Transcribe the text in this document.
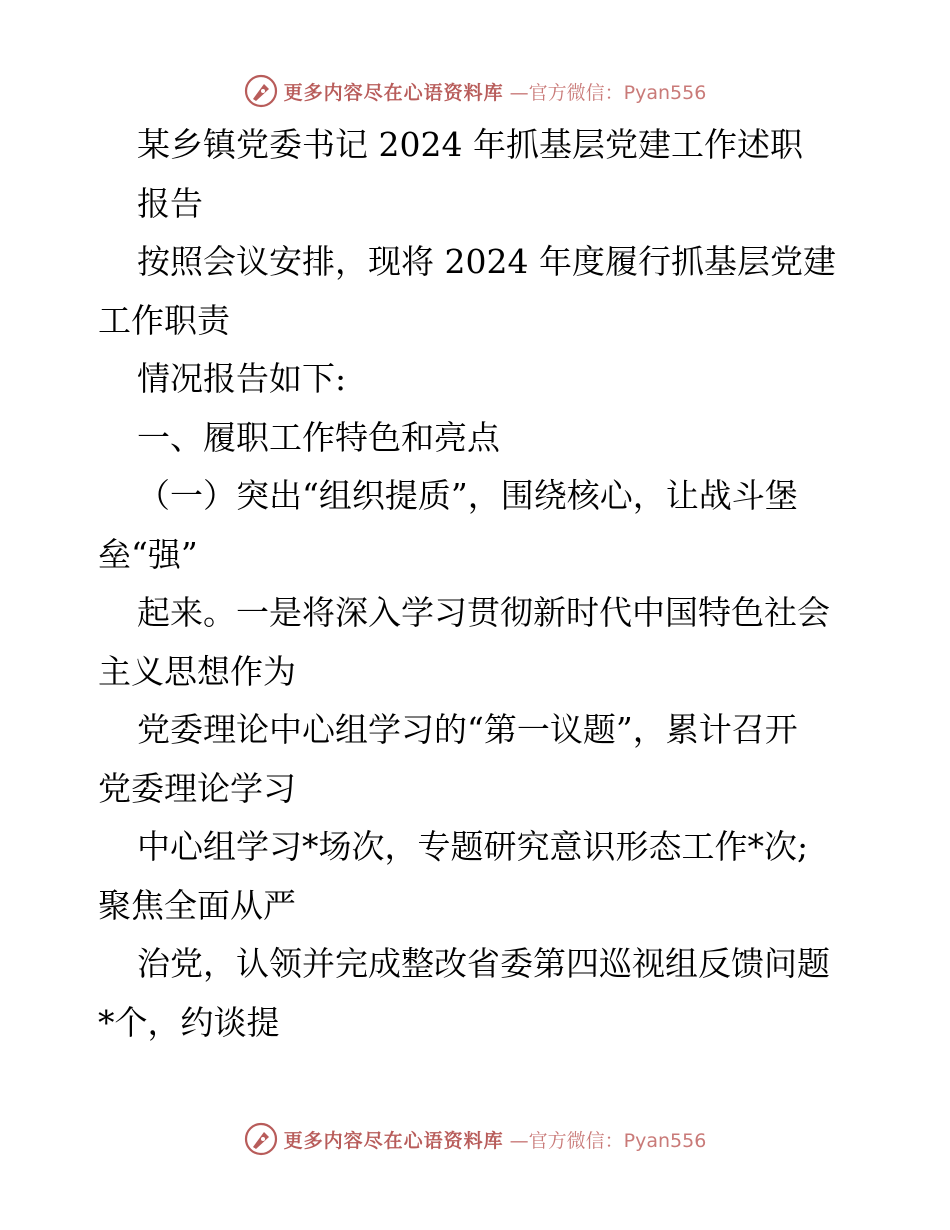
更多内容尽在心语资料库 —官方微信：Pyan556
某乡镇党委书记 2024 年抓基层党建工作述职
报告
按照会议安排，现将 2024 年度履行抓基层党建
工作职责
情况报告如下:
一、履职工作特色和亮点
（一）突出“组织提质”，围绕核心，让战斗堡
垒“强”
起来。一是将深入学习贯彻新时代中国特色社会
主义思想作为
党委理论中心组学习的“第一议题”，累计召开
党委理论学习
中心组学习*场次，专题研究意识形态工作*次;
聚焦全面从严
治党，认领并完成整改省委第四巡视组反馈问题
*个，约谈提
更多内容尽在心语资料库 —官方微信：Pyan556
